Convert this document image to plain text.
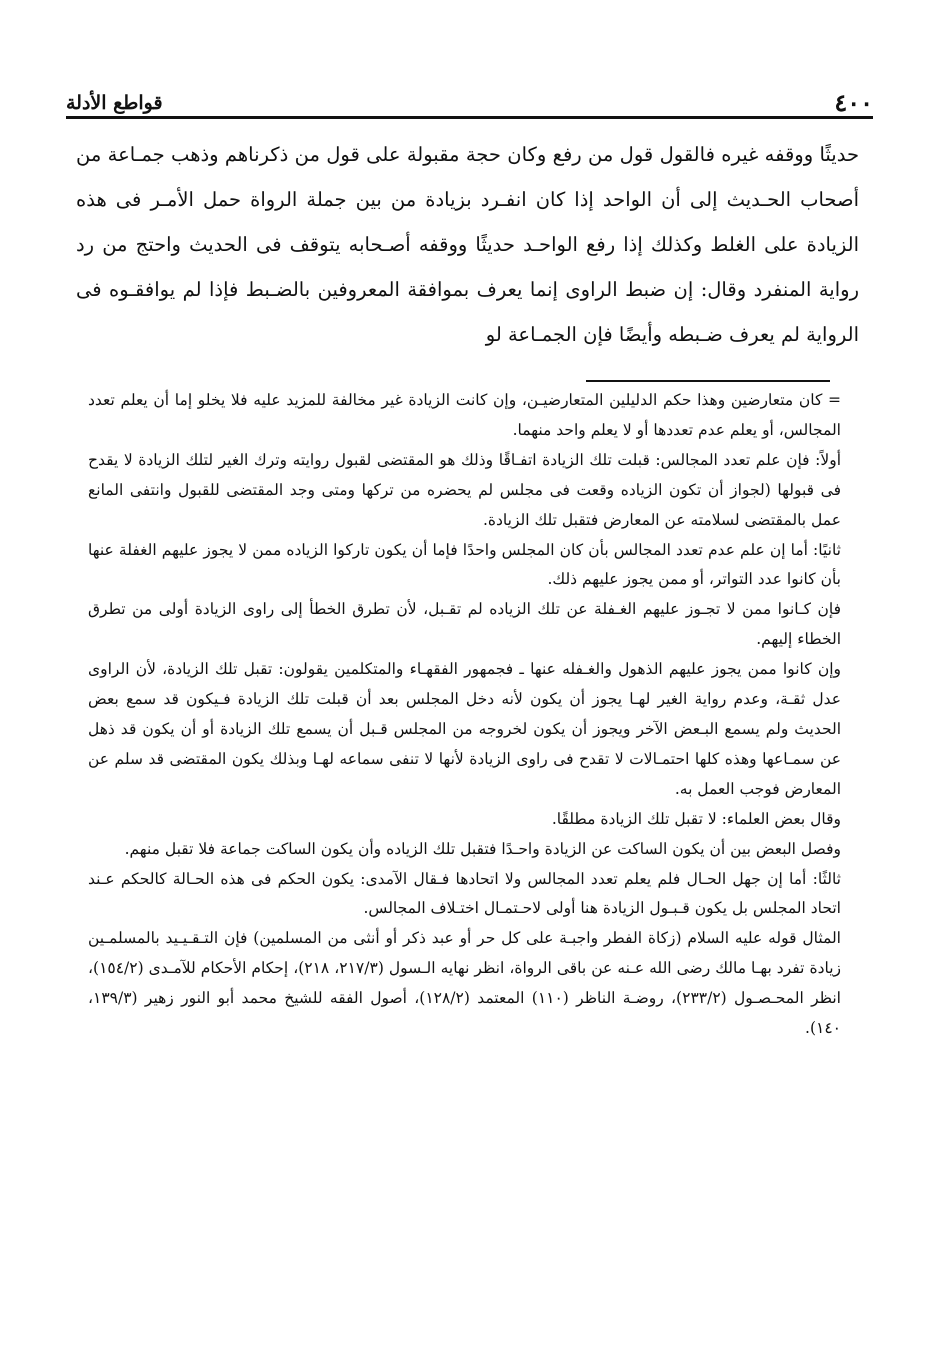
٤٠٠
قواطع الأدلة

حديثًا ووقفه غيره فالقول قول من رفع وكان حجة مقبولة على قول من ذكرناهم وذهب جمـاعة من أصحاب الحـديث إلى أن الواحد إذا كان انفـرد بزيادة من بين جملة الرواة حمل الأمـر فى هذه الزيادة على الغلط وكذلك إذا رفع الواحـد حديثًا ووقفه أصـحابه يتوقف فى الحديث واحتج من رد رواية المنفرد وقال: إن ضبط الراوى إنما يعرف بموافقة المعروفين بالضـبط فإذا لم يوافقـوه فى الرواية لم يعرف ضـبطه وأيضًا فإن الجمـاعة لو

= كان متعارضين وهذا حكم الدليلين المتعارضيـن، وإن كانت الزيادة غير مخالفة للمزيد عليه فلا يخلو إما أن يعلم تعدد المجالس، أو يعلم عدم تعددها أو لا يعلم واحد منهما.

أولاً: فإن علم تعدد المجالس: قبلت تلك الزيادة اتفـاقًا وذلك هو المقتضى لقبول روايته وترك الغير لتلك الزيادة لا يقدح فى قبولها (لجواز أن تكون الزياده وقعت فى مجلس لم يحضره من تركها ومتى وجد المقتضى للقبول وانتفى المانع عمل بالمقتضى لسلامته عن المعارض فتقبل تلك الزيادة.

ثانيًا: أما إن علم عدم تعدد المجالس بأن كان المجلس واحدًا فإما أن يكون تاركوا الزياده ممن لا يجوز عليهم الغفلة عنها بأن كانوا عدد التواتر، أو ممن يجوز عليهم ذلك.

فإن كـانوا ممن لا تجـوز عليهم الغـفلة عن تلك الزياده لم تقـبل، لأن تطرق الخطأ إلى راوى الزيادة أولى من تطرق الخطاء إليهم.

وإن كانوا ممن يجوز عليهم الذهول والغـفله عنها ـ فجمهور الفقهـاء والمتكلمين يقولون: تقبل تلك الزيادة، لأن الراوى عدل ثقـة، وعدم رواية الغير لهـا يجوز أن يكون لأنه دخل المجلس بعد أن قبلت تلك الزيادة فـيكون قد سمع بعض الحديث ولم يسمع البـعض الآخر ويجوز أن يكون لخروجه من المجلس قـبل أن يسمع تلك الزيادة أو أن يكون قد ذهل عن سمـاعها وهذه كلها احتمـالات لا تقدح فى راوى الزيادة لأنها لا تنفى سماعه لهـا وبذلك يكون المقتضى قد سلم عن المعارض فوجب العمل به.

وقال بعض العلماء: لا تقبل تلك الزيادة مطلقًا.

وفصل البعض بين أن يكون الساكت عن الزيادة واحـدًا فتقبل تلك الزياده وأن يكون الساكت جماعة فلا تقبل منهم.

ثالثًا: أما إن جهل الحـال فلم يعلم تعدد المجالس ولا اتحادها فـقال الآمدى: يكون الحكم فى هذه الحـالة كالحكم عـند اتحاد المجلس بل يكون قـبـول الزيادة هنا أولى لاحـتمـال اختـلاف المجالس.

المثال قوله عليه السلام (زكاة الفطر واجبـة على كل حر أو عبد ذكر أو أنثى من المسلمين) فإن التـقـيـيد بالمسلمـين زيادة تفرد بهـا مالك رضى الله عـنه عن باقى الرواة، انظر نهايه الـسول (٢١٧/٣، ٢١٨)، إحكام الأحكام للآمـدى (١٥٤/٢)، انظر المحـصـول (٢٣٣/٢)، روضـة الناظر (١١٠) المعتمد (١٢٨/٢)، أصول الفقه للشيخ محمد أبو النور زهير (١٣٩/٣، ١٤٠).
